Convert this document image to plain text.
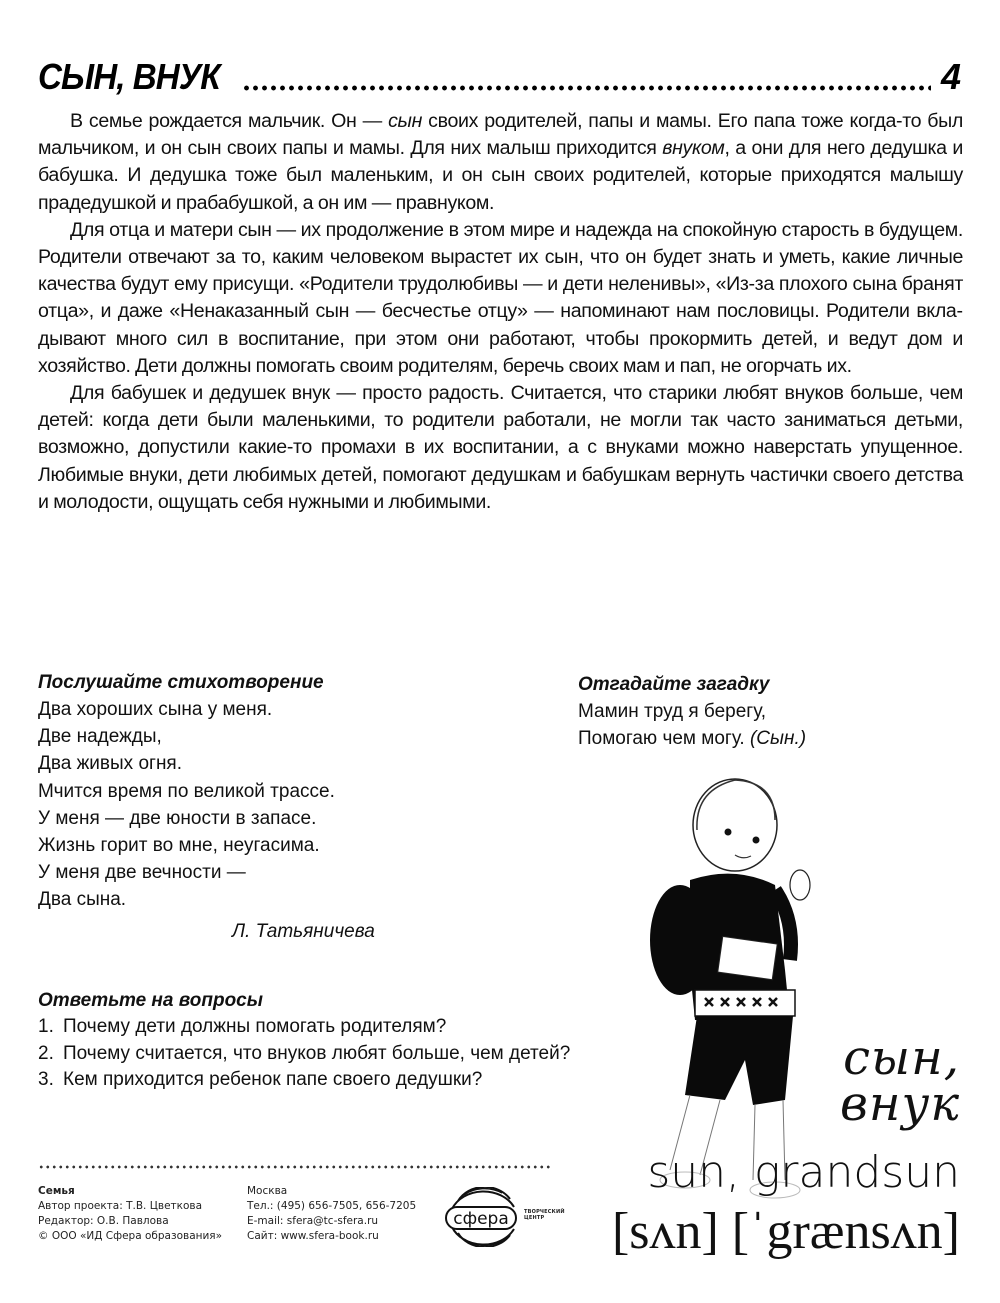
СЫН, ВНУК	4

В семье рождается мальчик. Он — сын своих родителей, папы и мамы. Его папа тоже когда-то был мальчиком, и он сын своих папы и мамы. Для них малыш приходится внуком, а они для него дедушка и бабушка. И дедушка тоже был маленьким, и он сын своих родителей, которые приходятся малышу прадедушкой и прабабушкой, а он им — правнуком.

Для отца и матери сын — их продолжение в этом мире и надежда на спокойную старость в будущем. Родители отвечают за то, каким человеком вырастет их сын, что он будет знать и уметь, какие личные качества будут ему присущи. «Родители трудолюбивы — и дети неленивы», «Из-за плохого сына бранят отца», и даже «Ненаказанный сын — бесчестье отцу» — напоминают нам пословицы. Родители вкладывают много сил в воспитание, при этом они работают, чтобы прокормить детей, и ведут дом и хозяйство. Дети должны помогать своим родителям, беречь своих мам и пап, не огорчать их.

Для бабушек и дедушек внук — просто радость. Считается, что старики любят внуков больше, чем детей: когда дети были маленькими, то родители работали, не могли так часто заниматься детьми, возможно, допустили какие-то промахи в их воспитании, а с внуками можно наверстать упущенное. Любимые внуки, дети любимых детей, помогают дедушкам и бабушкам вернуть частички своего детства и молодости, ощущать себя нужными и любимыми.

Послушайте стихотворение

Два хороших сына у меня.

Две надежды,

Два живых огня.

Мчится время по великой трассе.

У меня — две юности в запасе.

Жизнь горит во мне, неугасима.

У меня две вечности —

Два сына.

Л. Татьяничева

Отгадайте загадку
Мамин труд я берегу,
Помогаю чем могу. (Сын.)
Ответьте на вопросы
1. Почему дети должны помогать родителям?
2. Почему считается, что внуков любят больше, чем детей?
3. Кем приходится ребенок папе своего дедушки?	сын,
внук
sun, grandsun
[sʌn] [ˈgrænsʌn]
Семья
Автор проекта: Т.В. Цветкова
Редактор: О.В. Павлова
© ООО «ИД Сфера образования»
Москва
Тел.: (495) 656-7505, 656-7205
E-mail: sfera@tc-sfera.ru
Сайт: www.sfera-book.ru
сфера	ТВОРЧЕСКИЙ
ЦЕНТР
